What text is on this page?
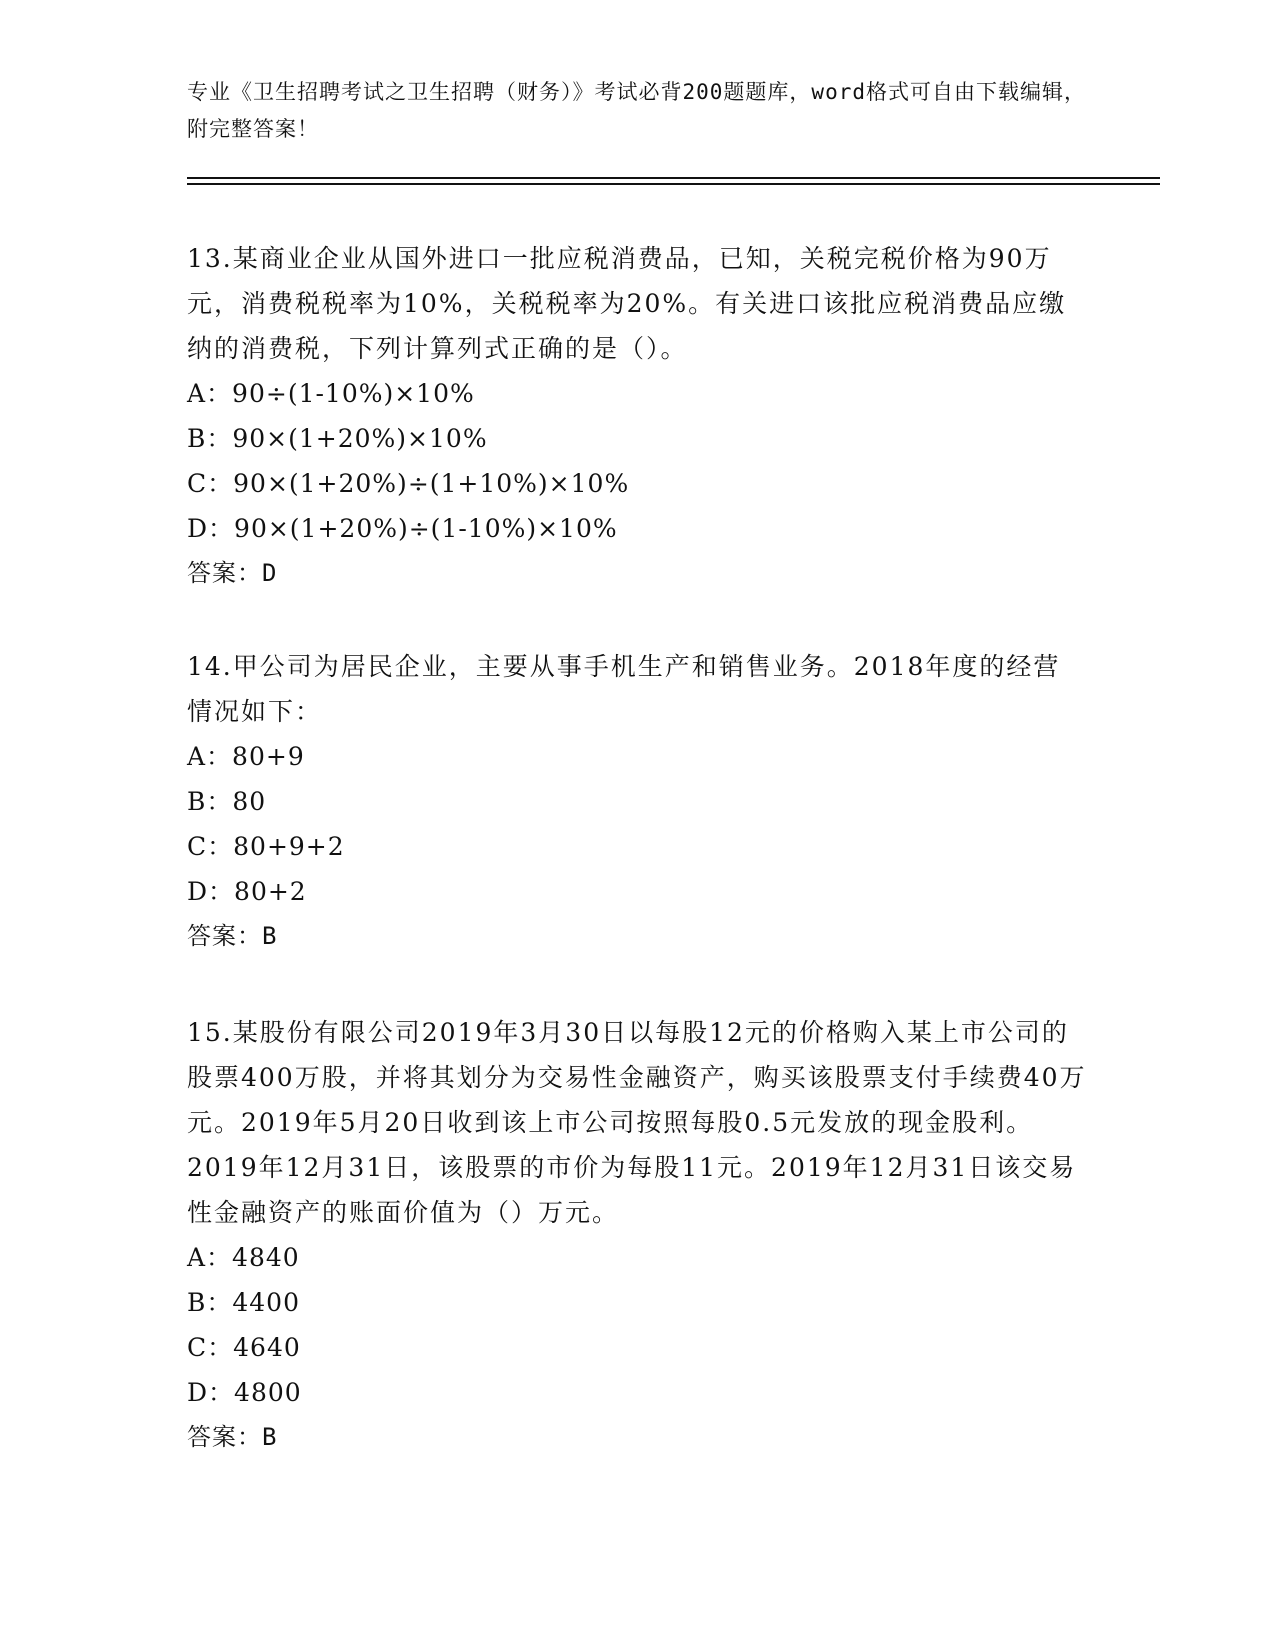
专业《卫生招聘考试之卫生招聘（财务）》考试必背200题题库，word格式可自由下载编辑，附完整答案！
13.某商业企业从国外进口一批应税消费品，已知，关税完税价格为90万元，消费税税率为10%，关税税率为20%。有关进口该批应税消费品应缴纳的消费税，下列计算列式正确的是（）。
A：90÷(1-10%)×10%
B：90×(1+20%)×10%
C：90×(1+20%)÷(1+10%)×10%
D：90×(1+20%)÷(1-10%)×10%
答案：D
14.甲公司为居民企业，主要从事手机生产和销售业务。2018年度的经营情况如下：
A：80+9
B：80
C：80+9+2
D：80+2
答案：B
15.某股份有限公司2019年3月30日以每股12元的价格购入某上市公司的股票400万股，并将其划分为交易性金融资产，购买该股票支付手续费40万元。2019年5月20日收到该上市公司按照每股0.5元发放的现金股利。2019年12月31日，该股票的市价为每股11元。2019年12月31日该交易性金融资产的账面价值为（）万元。
A：4840
B：4400
C：4640
D：4800
答案：B
